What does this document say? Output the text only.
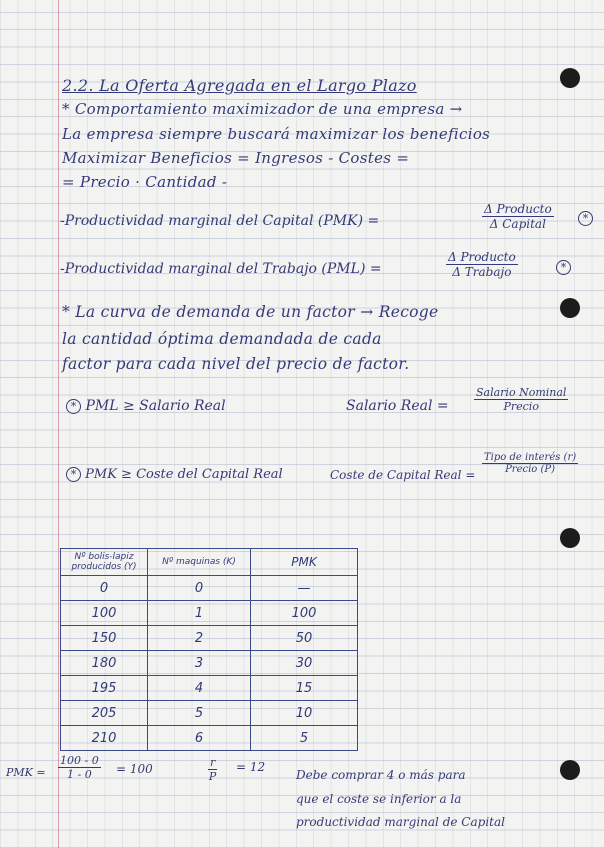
2.2. La Oferta Agregada en el Largo Plazo
* Comportamiento maximizador de una empresa →
La empresa siempre buscará maximizar los beneficios
Maximizar Beneficios = Ingresos - Costes =
= Precio · Cantidad -
-Productividad marginal del Capital (PMK) =
Δ Producto
Δ Capital	*
-Productividad marginal del Trabajo (PML) =
Δ Producto
Δ Trabajo	*
* La curva de demanda de un factor → Recoge
la cantidad óptima demandada de cada
factor para cada nivel del precio de factor.
* PML ≥ Salario Real	Salario Real =
Salario Nominal
Precio
* PMK ≥ Coste del Capital Real	Coste de Capital Real =
Tipo de interés (r)
Precio (P)
Nº bolis-lapiz producidos (Y)	Nº maquinas (K)	PMK
0	0	—
100	1	100
150	2	50
180	3	30
195	4	15
205	5	10
210	6	5
PMK = $\frac{100 - 0}{1 - 0} = 100$	$\frac{r}{P} = 12$
Debe comprar 4 o más para
que el coste se inferior a la
productividad marginal de Capital
